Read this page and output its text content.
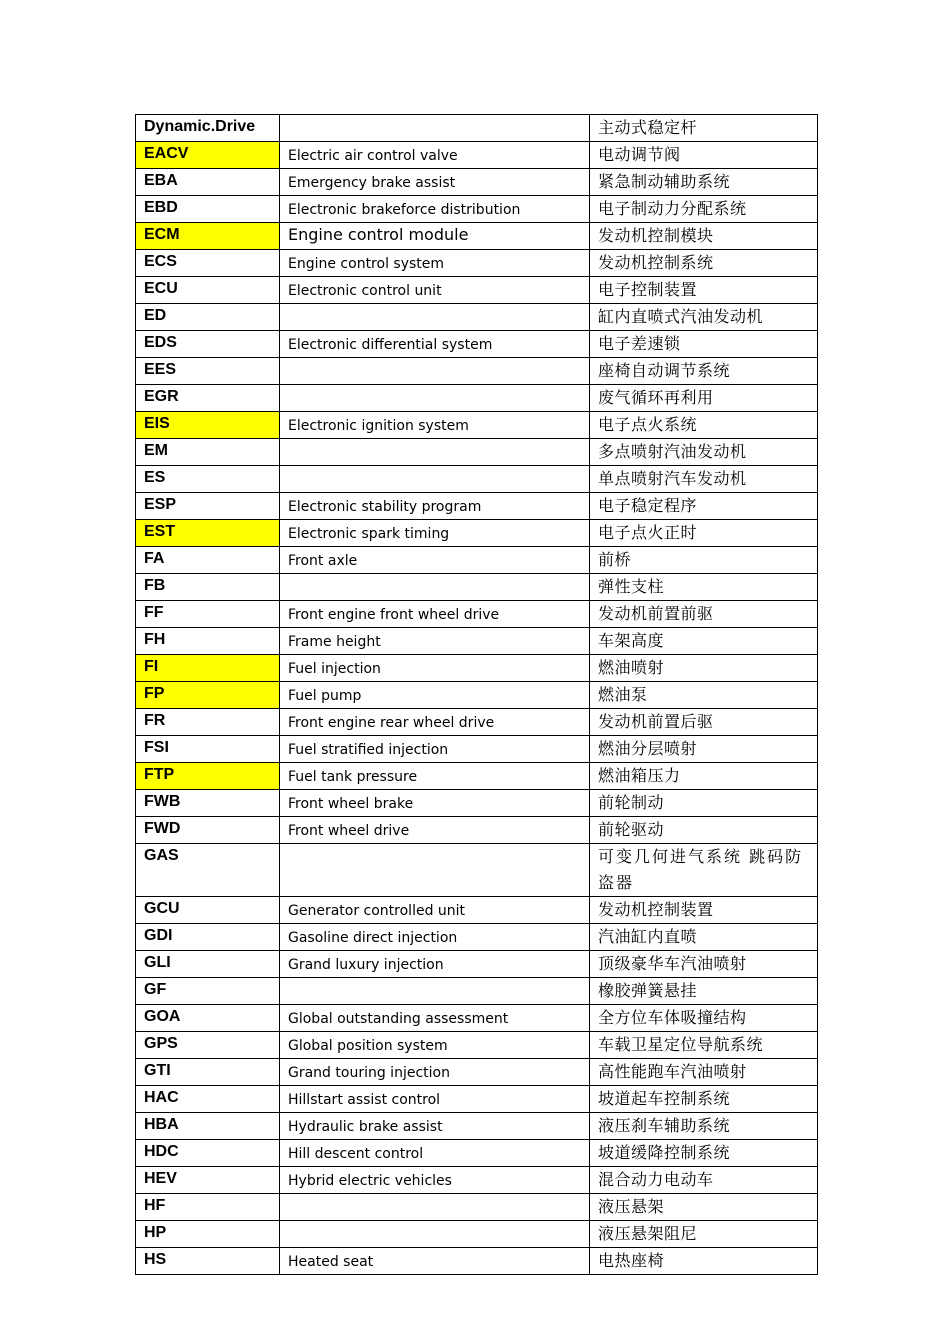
Dynamic.Drive		主动式稳定杆
EACV	Electric air control valve	电动调节阀
EBA	Emergency brake assist	紧急制动辅助系统
EBD	Electronic brakeforce distribution	电子制动力分配系统
ECM	Engine control module	发动机控制模块
ECS	Engine control system	发动机控制系统
ECU	Electronic control unit	电子控制装置
ED		缸内直喷式汽油发动机
EDS	Electronic differential system	电子差速锁
EES		座椅自动调节系统
EGR		废气循环再利用
EIS	Electronic ignition system	电子点火系统
EM		多点喷射汽油发动机
ES		单点喷射汽车发动机
ESP	Electronic stability program	电子稳定程序
EST	Electronic spark timing	电子点火正时
FA	Front axle	前桥
FB		弹性支柱
FF	Front engine front wheel drive	发动机前置前驱
FH	Frame height	车架高度
FI	Fuel injection	燃油喷射
FP	Fuel pump	燃油泵
FR	Front engine rear wheel drive	发动机前置后驱
FSI	Fuel stratified injection	燃油分层喷射
FTP	Fuel tank pressure	燃油箱压力
FWB	Front wheel brake	前轮制动
FWD	Front wheel drive	前轮驱动
GAS		可变几何进气系统 跳码防盗器
GCU	Generator controlled unit	发动机控制装置
GDI	Gasoline direct injection	汽油缸内直喷
GLI	Grand luxury injection	顶级豪华车汽油喷射
GF		橡胶弹簧悬挂
GOA	Global outstanding assessment	全方位车体吸撞结构
GPS	Global position system	车载卫星定位导航系统
GTI	Grand touring injection	高性能跑车汽油喷射
HAC	Hillstart assist control	坡道起车控制系统
HBA	Hydraulic brake assist	液压刹车辅助系统
HDC	Hill descent control	坡道缓降控制系统
HEV	Hybrid electric vehicles	混合动力电动车
HF		液压悬架
HP		液压悬架阻尼
HS	Heated seat	电热座椅
